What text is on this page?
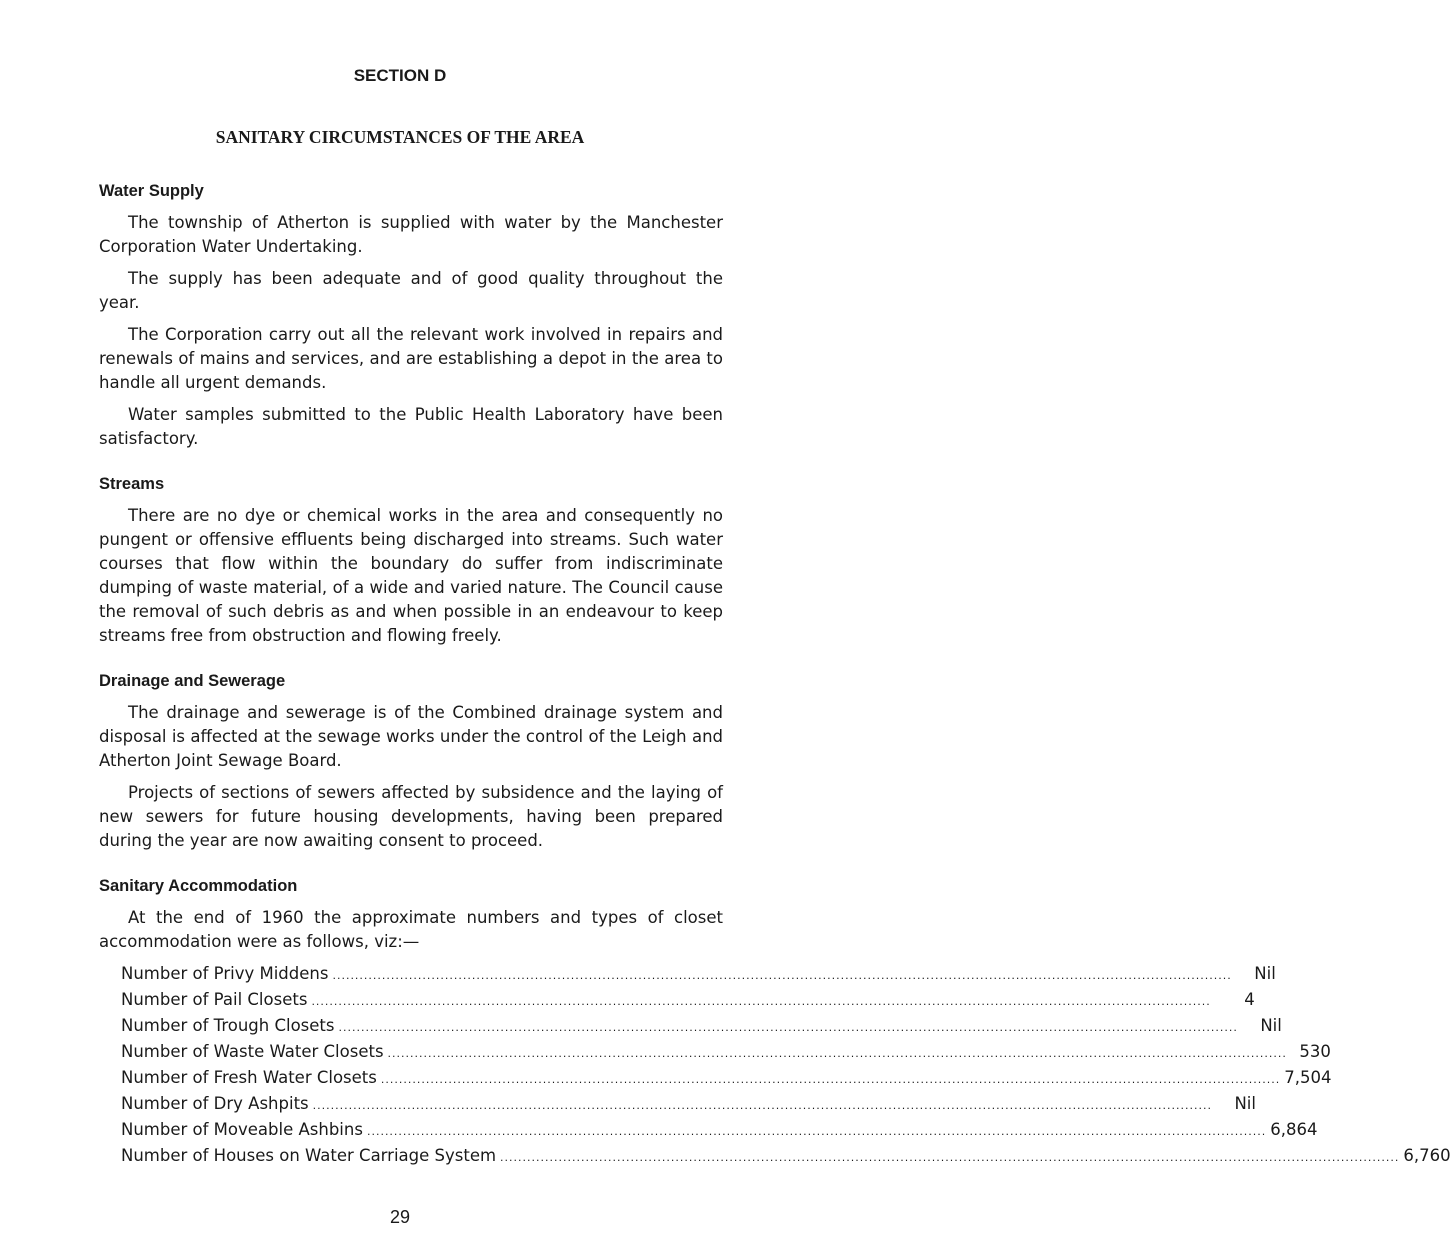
SECTION D
SANITARY CIRCUMSTANCES OF THE AREA
Water Supply

The township of Atherton is supplied with water by the Manchester Corporation Water Undertaking.

The supply has been adequate and of good quality throughout the year.

The Corporation carry out all the relevant work involved in repairs and renewals of mains and services, and are establishing a depot in the area to handle all urgent demands.

Water samples submitted to the Public Health Laboratory have been satisfactory.

Streams

There are no dye or chemical works in the area and consequently no pungent or offensive effluents being discharged into streams. Such water courses that flow within the boundary do suffer from indiscriminate dumping of waste material, of a wide and varied nature. The Council cause the removal of such debris as and when possible in an endeavour to keep streams free from obstruction and flowing freely.

Drainage and Sewerage

The drainage and sewerage is of the Combined drainage system and disposal is affected at the sewage works under the control of the Leigh and Atherton Joint Sewage Board.

Projects of sections of sewers affected by subsidence and the laying of new sewers for future housing developments, having been prepared during the year are now awaiting consent to proceed.

Sanitary Accommodation

At the end of 1960 the approximate numbers and types of closet accommodation were as follows, viz:—

Number of Privy Middens ........................................................................................................................................................................................................	Nil
Number of Pail Closets ........................................................................................................................................................................................................	4
Number of Trough Closets ........................................................................................................................................................................................................	Nil
Number of Waste Water Closets ........................................................................................................................................................................................................ 530
Number of Fresh Water Closets ........................................................................................................................................................................................................ 7,504
Number of Dry Ashpits ........................................................................................................................................................................................................	Nil
Number of Moveable Ashbins ........................................................................................................................................................................................................ 6,864
Number of Houses on Water Carriage System ........................................................................................................................................................................................................ 6,760
29
